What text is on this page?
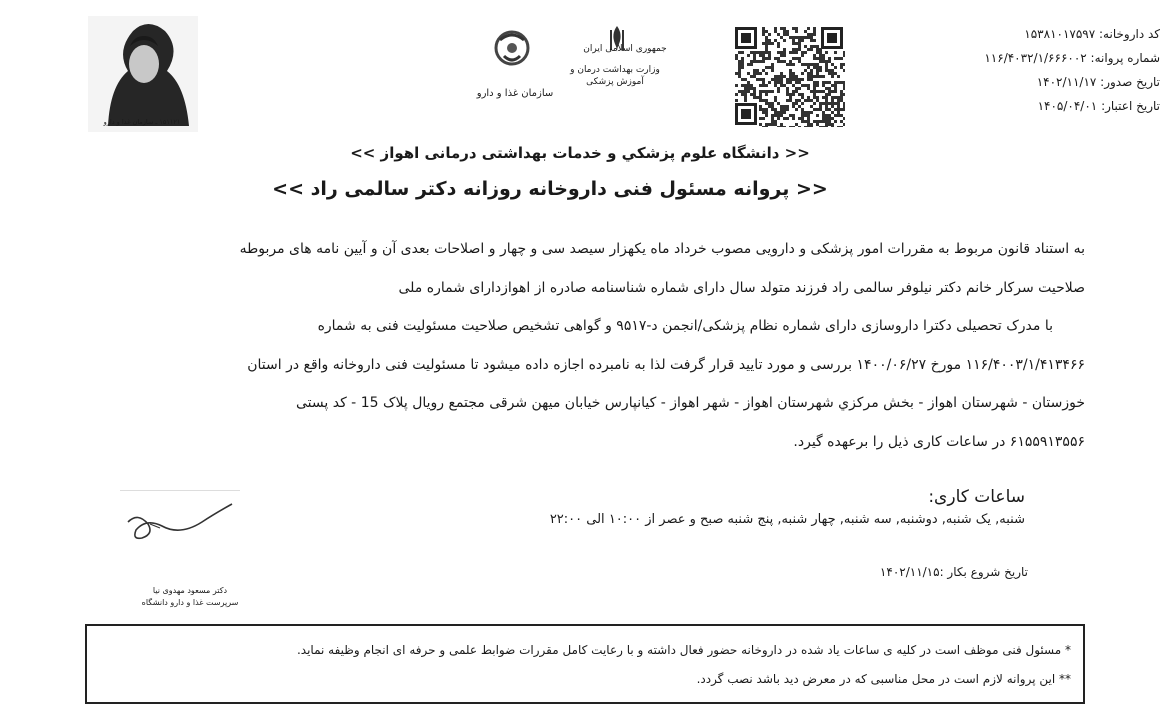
کد داروخانه: ۱۵۳۸۱۰۱۷۵۹۷
شماره پروانه: ۱۱۶/۴۰۳۲/۱/۶۶۶۰۰۲
تاریخ صدور: ۱۴۰۲/۱۱/۱۷
تاریخ اعتبار: ۱۴۰۵/۰۴/۰۱
جمهوری اسلامی ایران
وزارت بهداشت درمان و آموزش پزشکی
سازمان غذا و دارو
۱۵۱۱۲۱ ـ سازمان غذا و دارو
<< دانشگاه علوم پزشکي و خدمات بهداشتی درمانی اهواز >>
<< پروانه مسئول فنی داروخانه روزانه دکتر سالمی راد >>

به استناد قانون مربوط به مقررات امور پزشکی و دارویی مصوب خرداد ماه یکهزار سیصد سی و چهار و اصلاحات بعدی آن و آیین نامه های مربوطه

صلاحیت سرکار خانم دکتر نیلوفر سالمی راد فرزند متولد سال دارای شماره شناسنامه صادره از اهوازدارای شماره ملی

با مدرک تحصیلی دکترا داروسازی دارای شماره نظام پزشکی/انجمن د-۹۵۱۷ و گواهی تشخیص صلاحیت مسئولیت فنی به شماره

۱۱۶/۴۰۰۳/۱/۴۱۳۴۶۶ مورخ ۱۴۰۰/۰۶/۲۷ بررسی و مورد تایید قرار گرفت لذا به نامبرده اجازه داده میشود تا مسئولیت فنی داروخانه واقع در استان

خوزستان - شهرستان اهواز - بخش مرکزي شهرستان اهواز - شهر اهواز - کیانپارس خیابان میهن شرقی مجتمع رویال پلاک 15 - کد پستی

۶۱۵۵۹۱۳۵۵۶ در ساعات کاری ذیل را برعهده گیرد.

ساعات کاری:
شنبه, یک شنبه, دوشنبه, سه شنبه, چهار شنبه, پنج شنبه صبح و عصر از ۱۰:۰۰ الی ۲۲:۰۰
تاریخ شروع بکار :۱۴۰۲/۱۱/۱۵
دکتر مسعود مهدوی نیا
سرپرست غذا و دارو دانشگاه

* مسئول فنی موظف است در کلیه ی ساعات یاد شده در داروخانه حضور فعال داشته و با رعایت کامل مقررات ضوابط علمی و حرفه ای انجام وظیفه نماید.

** این پروانه لازم است در محل مناسبی که در معرض دید باشد نصب گردد.
